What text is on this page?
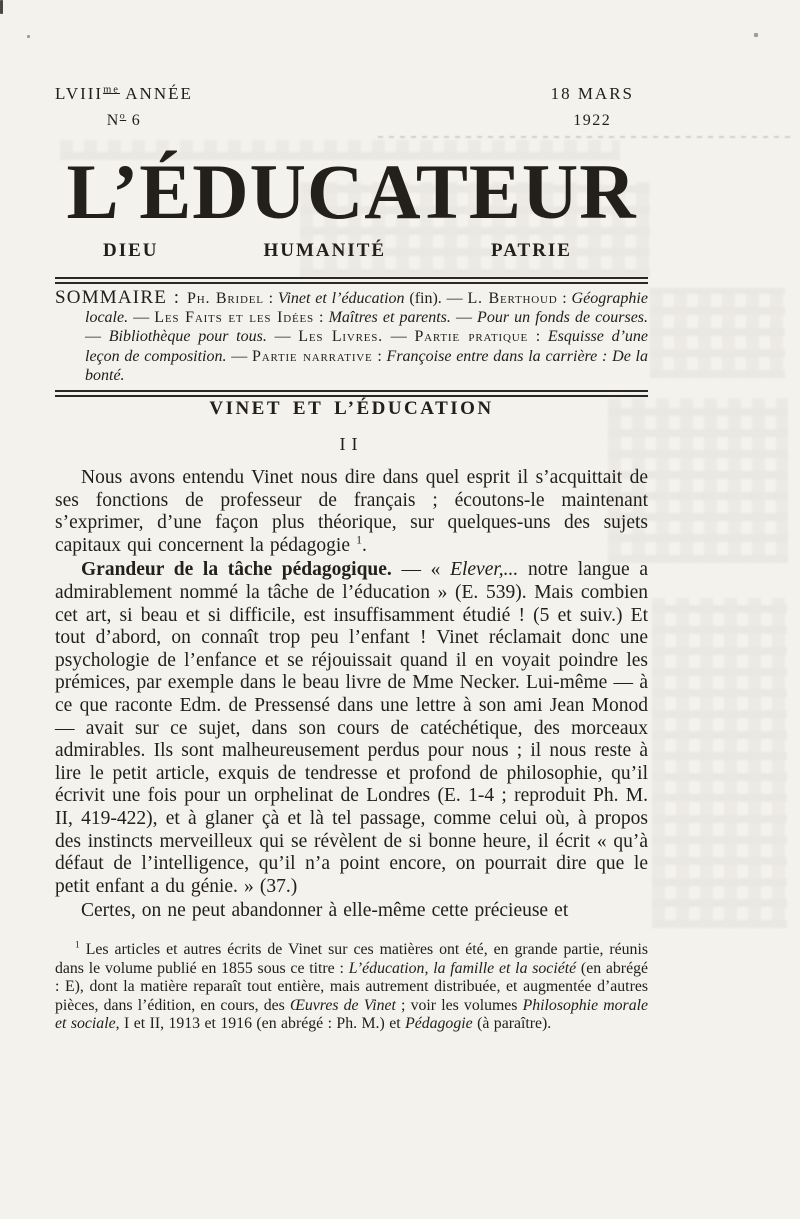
$LVIII^{me}$ ANNÉE
$N^o$ 6
18 MARS
1922
L’ÉDUCATEUR
DIEU	HUMANITÉ	PATRIE

SOMMAIRE : Ph. Bridel : Vinet et l’éducation (fin). — L. Berthoud : Géographie locale. — Les Faits et les Idées : Maîtres et parents. — Pour un fonds de courses. — Bibliothèque pour tous. — Les Livres. — Partie pratique : Esquisse d’une leçon de composition. — Partie narrative : Françoise entre dans la carrière : De la bonté.

VINET ET L’ÉDUCATION
II

Nous avons entendu Vinet nous dire dans quel esprit il s’acquittait de ses fonctions de professeur de français ; écoutons-le maintenant s’exprimer, d’une façon plus théorique, sur quelques-uns des sujets capitaux qui concernent la pédagogie $^1$.

Grandeur de la tâche pédagogique. — « Elever,... notre langue a admirablement nommé la tâche de l’éducation » (E. 539). Mais combien cet art, si beau et si difficile, est insuffisamment étudié ! (5 et suiv.) Et tout d’abord, on connaît trop peu l’enfant ! Vinet réclamait donc une psychologie de l’enfance et se réjouissait quand il en voyait poindre les prémices, par exemple dans le beau livre de Mme Necker. Lui-même — à ce que raconte Edm. de Pressensé dans une lettre à son ami Jean Monod — avait sur ce sujet, dans son cours de catéchétique, des morceaux admirables. Ils sont malheureusement perdus pour nous ; il nous reste à lire le petit article, exquis de tendresse et profond de philosophie, qu’il écrivit une fois pour un orphelinat de Londres (E. 1-4 ; reproduit Ph. M. II, 419-422), et à glaner çà et là tel passage, comme celui où, à propos des instincts merveilleux qui se révèlent de si bonne heure, il écrit « qu’à défaut de l’intelligence, qu’il n’a point encore, on pourrait dire que le petit enfant a du génie. » (37.)

Certes, on ne peut abandonner à elle-même cette précieuse et

$^1$ Les articles et autres écrits de Vinet sur ces matières ont été, en grande partie, réunis dans le volume publié en 1855 sous ce titre : L’éducation, la famille et la société (en abrégé : E), dont la matière reparaît tout entière, mais autrement distribuée, et augmentée d’autres pièces, dans l’édition, en cours, des Œuvres de Vinet ; voir les volumes Philosophie morale et sociale, I et II, 1913 et 1916 (en abrégé : Ph. M.) et Pédagogie (à paraître).
